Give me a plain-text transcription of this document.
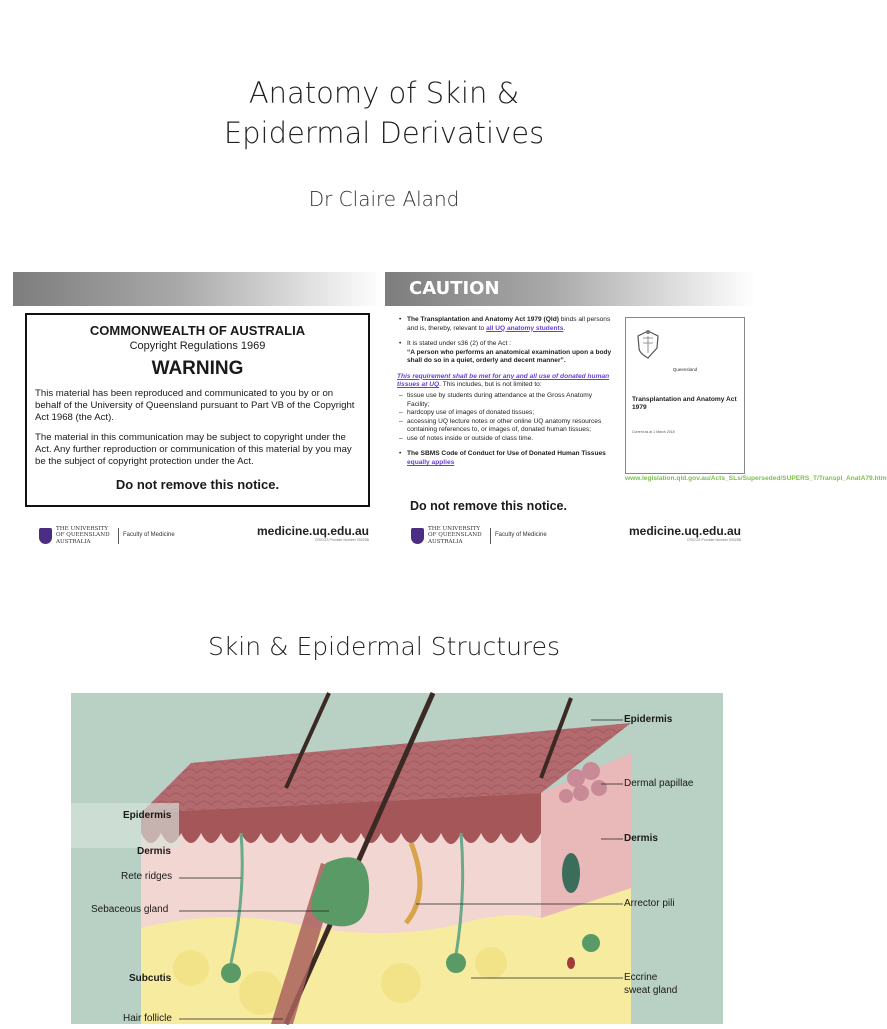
Anatomy of Skin &
Epidermal Derivatives
Dr Claire Aland
COMMONWEALTH OF AUSTRALIA
Copyright Regulations 1969
WARNING
This material has been reproduced and communicated to you by or on behalf of the University of Queensland pursuant to Part VB of the Copyright Act 1968 (the Act).
The material in this communication may be subject to copyright under the Act. Any further reproduction or communication of this material by you may be the subject of copyright protection under the Act.
Do not remove this notice.
THE UNIVERSITY OF QUEENSLAND AUSTRALIA
Faculty of Medicine	medicine.uq.edu.au
CRICOS Provider Number 00025B
CAUTION
• The Transplantation and Anatomy Act 1979 (Qld) binds all persons and is, thereby, relevant to all UQ anatomy students.
• It is stated under s36 (2) of the Act :
“A person who performs an anatomical examination upon a body shall do so in a quiet, orderly and decent manner”.
This requirement shall be met for any and all use of donated human tissues at UQ. This includes, but is not limited to:
– tissue use by students during attendance at the Gross Anatomy Facility;
– hardcopy use of images of donated tissues;
– accessing UQ lecture notes or other online UQ anatomy resources containing references to, or images of, donated human tissues;
– use of notes inside or outside of class time.
• The SBMS Code of Conduct for Use of Donated Human Tissues equally applies
Do not remove this notice.
Queensland
Transplantation and Anatomy Act 1979
Current as at 1 March 2018
www.legislation.qld.gov.au/Acts_SLs/Superseded/SUPERS_T/TranspI_AnatA79.htm
THE UNIVERSITY OF QUEENSLAND AUSTRALIA
Faculty of Medicine	medicine.uq.edu.au
CRICOS Provider Number 00025B
Skin & Epidermal Structures
Epidermis
Dermal papillae
Dermis
Arrector pili
Eccrine
sweat gland
Epidermis
Dermis
Rete ridges
Sebaceous gland
Subcutis
Hair follicle
